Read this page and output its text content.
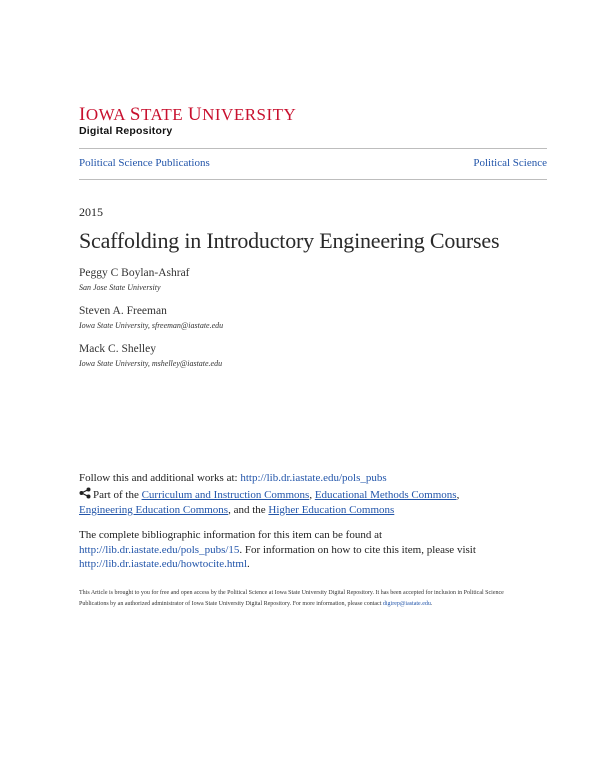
IOWA STATE UNIVERSITY
Digital Repository
Political Science Publications	Political Science
2015
Scaffolding in Introductory Engineering Courses
Peggy C Boylan-Ashraf
San Jose State University
Steven A. Freeman
Iowa State University, sfreeman@iastate.edu
Mack C. Shelley
Iowa State University, mshelley@iastate.edu
Follow this and additional works at: http://lib.dr.iastate.edu/pols_pubs
Part of the Curriculum and Instruction Commons, Educational Methods Commons, Engineering Education Commons, and the Higher Education Commons
The complete bibliographic information for this item can be found at http://lib.dr.iastate.edu/pols_pubs/15. For information on how to cite this item, please visit http://lib.dr.iastate.edu/howtocite.html.
This Article is brought to you for free and open access by the Political Science at Iowa State University Digital Repository. It has been accepted for inclusion in Political Science Publications by an authorized administrator of Iowa State University Digital Repository. For more information, please contact digirep@iastate.edu.
